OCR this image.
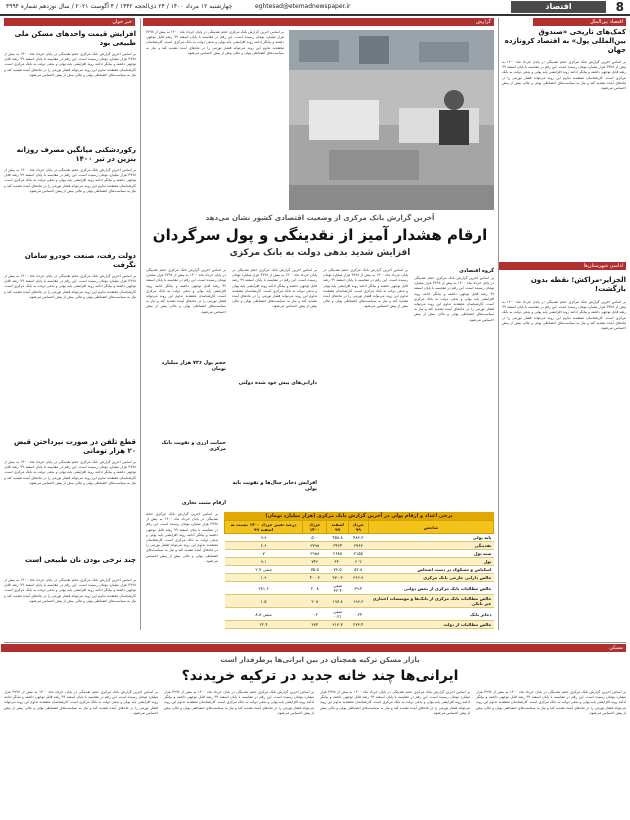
8
اقتصاد
eghtesad@etemadnewspaper.ir
چهارشنبه ۱۲ مرداد ۱۴۰۰ / ۲۴ ذی‌الحجه ۱۴۴۲ / ۴ آگوست ۲۰۲۱ / سال نوزدهم شماره ۴۹۹۴
اقتصاد بین‌الملل
کمک‌های تاریخی «صندوق بین‌المللی پول» به اقتصاد کرونازده جهان
بر اساس آخرین گزارش بانک مرکزی حجم نقدینگی در پایان خرداد ماه ۱۴۰۰ به بیش از ۳۷۹۸ هزار میلیارد تومان رسیده است. این رقم در مقایسه با پایان اسفند ۹۹ رشد قابل توجهی داشته و بیانگر ادامه روند افزایشی پایه پولی و بدهی دولت به بانک مرکزی است. کارشناسان معتقدند تداوم این روند می‌تواند فشار تورمی را در ماه‌های آینده تشدید کند و نیاز به سیاست‌های انضباطی پولی و مالی بیش از پیش احساس می‌شود.
اداسی شهرستان‌ها
الجزایر-مراکش؛ نقطه بدون بازگشت!
بر اساس آخرین گزارش بانک مرکزی حجم نقدینگی در پایان خرداد ماه ۱۴۰۰ به بیش از ۳۷۹۸ هزار میلیارد تومان رسیده است. این رقم در مقایسه با پایان اسفند ۹۹ رشد قابل توجهی داشته و بیانگر ادامه روند افزایشی پایه پولی و بدهی دولت به بانک مرکزی است. کارشناسان معتقدند تداوم این روند می‌تواند فشار تورمی را در ماه‌های آینده تشدید کند و نیاز به سیاست‌های انضباطی پولی و مالی بیش از پیش احساس می‌شود.
گزارش
بر اساس آخرین گزارش بانک مرکزی حجم نقدینگی در پایان خرداد ماه ۱۴۰۰ به بیش از ۳۷۹۸ هزار میلیارد تومان رسیده است. این رقم در مقایسه با پایان اسفند ۹۹ رشد قابل توجهی داشته و بیانگر ادامه روند افزایشی پایه پولی و بدهی دولت به بانک مرکزی است. کارشناسان معتقدند تداوم این روند می‌تواند فشار تورمی را در ماه‌های آینده تشدید کند و نیاز به سیاست‌های انضباطی پولی و مالی بیش از پیش احساس می‌شود.
آخرین گزارش بانک مرکزی از وضعیت اقتصادی کشور نشان می‌دهد
ارقام هشدار آمیز از نقدینگی و پول سرگردان
افزایش شدید بدهی دولت به بانک مرکزی
گروه اقتصادی
بر اساس آخرین گزارش بانک مرکزی حجم نقدینگی در پایان خرداد ماه ۱۴۰۰ به بیش از ۳۷۹۸ هزار میلیارد تومان رسیده است. این رقم در مقایسه با پایان اسفند ۹۹ رشد قابل توجهی داشته و بیانگر ادامه روند افزایشی پایه پولی و بدهی دولت به بانک مرکزی است. کارشناسان معتقدند تداوم این روند می‌تواند فشار تورمی را در ماه‌های آینده تشدید کند و نیاز به سیاست‌های انضباطی پولی و مالی بیش از پیش احساس می‌شود.
بر اساس آخرین گزارش بانک مرکزی حجم نقدینگی در پایان خرداد ماه ۱۴۰۰ به بیش از ۳۷۹۸ هزار میلیارد تومان رسیده است. این رقم در مقایسه با پایان اسفند ۹۹ رشد قابل توجهی داشته و بیانگر ادامه روند افزایشی پایه پولی و بدهی دولت به بانک مرکزی است. کارشناسان معتقدند تداوم این روند می‌تواند فشار تورمی را در ماه‌های آینده تشدید کند و نیاز به سیاست‌های انضباطی پولی و مالی بیش از پیش احساس می‌شود.
بر اساس آخرین گزارش بانک مرکزی حجم نقدینگی در پایان خرداد ماه ۱۴۰۰ به بیش از ۳۷۹۸ هزار میلیارد تومان رسیده است. این رقم در مقایسه با پایان اسفند ۹۹ رشد قابل توجهی داشته و بیانگر ادامه روند افزایشی پایه پولی و بدهی دولت به بانک مرکزی است. کارشناسان معتقدند تداوم این روند می‌تواند فشار تورمی را در ماه‌های آینده تشدید کند و نیاز به سیاست‌های انضباطی پولی و مالی بیش از پیش احساس می‌شود.
دارایی‌های پیش خود شده دولتی
بر اساس آخرین گزارش بانک مرکزی حجم نقدینگی در پایان خرداد ماه ۱۴۰۰ به بیش از ۳۷۹۸ هزار میلیارد تومان رسیده است. این رقم در مقایسه با پایان اسفند ۹۹ رشد قابل توجهی داشته و بیانگر ادامه روند افزایشی پایه پولی و بدهی دولت به بانک مرکزی است. کارشناسان معتقدند تداوم این روند می‌تواند فشار تورمی را در ماه‌های آینده تشدید کند و نیاز به سیاست‌های انضباطی پولی و مالی بیش از پیش احساس می‌شود.
حجم پول ۷۳۶ هزار میلیارد تومان
حمایت ارزی و تقویت بانک مرکزی
افزایش ذخایر سال‌ها و تقویت پایه پولی
ارقام مثبت تجاری
برخی اعداد و ارقام پولی در آخرین گزارش بانک مرکزی (هزار میلیارد تومان)
شاخص	خرداد ۹۹	اسفند ۹۹	خرداد ۱۴۰۰	درصد تغییر خرداد ۱۴۰۰ نسبت به اسفند ۹۹
پایه پولی	۴۸۳.۳	۴۵۸.۸	۵۰۰	۹.۹
نقدینگی	۲۷۶۷	۳۴۶۴	۳۷۹۸	۶.۶
شبه پول	۲۱۵۵	۲۶۸۸	۲۹۸۸	۷
پول	۶۰۲	۶۴۰	۷۴۶	۹.۱
اسکناس و مسکوک در دست اشخاص	۵۲.۸	۷۳.۵	۷۵.۵	منفی ۲.۷
خالص دارایی خارجی بانک مرکزی	۳۶۶.۹	۳۷۰.۳	۴۰۰.۳	۱.۹
خالص مطالبات بانک مرکزی از بخش دولتی	۳۹.۴	منفی ۳۲.۴	۲۰.۸	۲۸۱.۶
خالص مطالبات بانک مرکزی از بانک‌ها و موسسات اعتباری غیر بانکی	۱۹۶.۳	۱۹۷.۸	۲۰۸	۱.۵
ذخایر بانک	۰.۲۴	منفی ۰.۲۱	۰.۳	منفی ۸.۸
خالص مطالبات از دولت	۲۷۳.۴	۳۱۳.۷	۳۸۴	۲۲.۴
بر اساس آخرین گزارش بانک مرکزی حجم نقدینگی در پایان خرداد ماه ۱۴۰۰ به بیش از ۳۷۹۸ هزار میلیارد تومان رسیده است. این رقم در مقایسه با پایان اسفند ۹۹ رشد قابل توجهی داشته و بیانگر ادامه روند افزایشی پایه پولی و بدهی دولت به بانک مرکزی است. کارشناسان معتقدند تداوم این روند می‌تواند فشار تورمی را در ماه‌های آینده تشدید کند و نیاز به سیاست‌های انضباطی پولی و مالی بیش از پیش احساس می‌شود.
خبر خوان
افزایش قیمت واحدهای مسکن ملی طبیعی بود
بر اساس آخرین گزارش بانک مرکزی حجم نقدینگی در پایان خرداد ماه ۱۴۰۰ به بیش از ۳۷۹۸ هزار میلیارد تومان رسیده است. این رقم در مقایسه با پایان اسفند ۹۹ رشد قابل توجهی داشته و بیانگر ادامه روند افزایشی پایه پولی و بدهی دولت به بانک مرکزی است. کارشناسان معتقدند تداوم این روند می‌تواند فشار تورمی را در ماه‌های آینده تشدید کند و نیاز به سیاست‌های انضباطی پولی و مالی بیش از پیش احساس می‌شود.
رکوردشکنی میانگین مصرف روزانه بنزین در تیر ۱۴۰۰
بر اساس آخرین گزارش بانک مرکزی حجم نقدینگی در پایان خرداد ماه ۱۴۰۰ به بیش از ۳۷۹۸ هزار میلیارد تومان رسیده است. این رقم در مقایسه با پایان اسفند ۹۹ رشد قابل توجهی داشته و بیانگر ادامه روند افزایشی پایه پولی و بدهی دولت به بانک مرکزی است. کارشناسان معتقدند تداوم این روند می‌تواند فشار تورمی را در ماه‌های آینده تشدید کند و نیاز به سیاست‌های انضباطی پولی و مالی بیش از پیش احساس می‌شود.
دولت رفت، صنعت خودرو سامان نگرفت
بر اساس آخرین گزارش بانک مرکزی حجم نقدینگی در پایان خرداد ماه ۱۴۰۰ به بیش از ۳۷۹۸ هزار میلیارد تومان رسیده است. این رقم در مقایسه با پایان اسفند ۹۹ رشد قابل توجهی داشته و بیانگر ادامه روند افزایشی پایه پولی و بدهی دولت به بانک مرکزی است. کارشناسان معتقدند تداوم این روند می‌تواند فشار تورمی را در ماه‌های آینده تشدید کند و نیاز به سیاست‌های انضباطی پولی و مالی بیش از پیش احساس می‌شود.
قطع تلفن در صورت نپرداختن قبض ۲۰ هزار تومانی
بر اساس آخرین گزارش بانک مرکزی حجم نقدینگی در پایان خرداد ماه ۱۴۰۰ به بیش از ۳۷۹۸ هزار میلیارد تومان رسیده است. این رقم در مقایسه با پایان اسفند ۹۹ رشد قابل توجهی داشته و بیانگر ادامه روند افزایشی پایه پولی و بدهی دولت به بانک مرکزی است. کارشناسان معتقدند تداوم این روند می‌تواند فشار تورمی را در ماه‌های آینده تشدید کند و نیاز به سیاست‌های انضباطی پولی و مالی بیش از پیش احساس می‌شود.
چند نرخی بودن نان طبیعی است
بر اساس آخرین گزارش بانک مرکزی حجم نقدینگی در پایان خرداد ماه ۱۴۰۰ به بیش از ۳۷۹۸ هزار میلیارد تومان رسیده است. این رقم در مقایسه با پایان اسفند ۹۹ رشد قابل توجهی داشته و بیانگر ادامه روند افزایشی پایه پولی و بدهی دولت به بانک مرکزی است. کارشناسان معتقدند تداوم این روند می‌تواند فشار تورمی را در ماه‌های آینده تشدید کند و نیاز به سیاست‌های انضباطی پولی و مالی بیش از پیش احساس می‌شود.
مسکن
بازار مسکن ترکیه همچنان در بین ایرانی‌ها پرطرفدار است
ایرانی‌ها چند خانه جدید در ترکیه خریدند؟
بر اساس آخرین گزارش بانک مرکزی حجم نقدینگی در پایان خرداد ماه ۱۴۰۰ به بیش از ۳۷۹۸ هزار میلیارد تومان رسیده است. این رقم در مقایسه با پایان اسفند ۹۹ رشد قابل توجهی داشته و بیانگر ادامه روند افزایشی پایه پولی و بدهی دولت به بانک مرکزی است. کارشناسان معتقدند تداوم این روند می‌تواند فشار تورمی را در ماه‌های آینده تشدید کند و نیاز به سیاست‌های انضباطی پولی و مالی بیش از پیش احساس می‌شود.
بر اساس آخرین گزارش بانک مرکزی حجم نقدینگی در پایان خرداد ماه ۱۴۰۰ به بیش از ۳۷۹۸ هزار میلیارد تومان رسیده است. این رقم در مقایسه با پایان اسفند ۹۹ رشد قابل توجهی داشته و بیانگر ادامه روند افزایشی پایه پولی و بدهی دولت به بانک مرکزی است. کارشناسان معتقدند تداوم این روند می‌تواند فشار تورمی را در ماه‌های آینده تشدید کند و نیاز به سیاست‌های انضباطی پولی و مالی بیش از پیش احساس می‌شود.
بر اساس آخرین گزارش بانک مرکزی حجم نقدینگی در پایان خرداد ماه ۱۴۰۰ به بیش از ۳۷۹۸ هزار میلیارد تومان رسیده است. این رقم در مقایسه با پایان اسفند ۹۹ رشد قابل توجهی داشته و بیانگر ادامه روند افزایشی پایه پولی و بدهی دولت به بانک مرکزی است. کارشناسان معتقدند تداوم این روند می‌تواند فشار تورمی را در ماه‌های آینده تشدید کند و نیاز به سیاست‌های انضباطی پولی و مالی بیش از پیش احساس می‌شود.
بر اساس آخرین گزارش بانک مرکزی حجم نقدینگی در پایان خرداد ماه ۱۴۰۰ به بیش از ۳۷۹۸ هزار میلیارد تومان رسیده است. این رقم در مقایسه با پایان اسفند ۹۹ رشد قابل توجهی داشته و بیانگر ادامه روند افزایشی پایه پولی و بدهی دولت به بانک مرکزی است. کارشناسان معتقدند تداوم این روند می‌تواند فشار تورمی را در ماه‌های آینده تشدید کند و نیاز به سیاست‌های انضباطی پولی و مالی بیش از پیش احساس می‌شود.
